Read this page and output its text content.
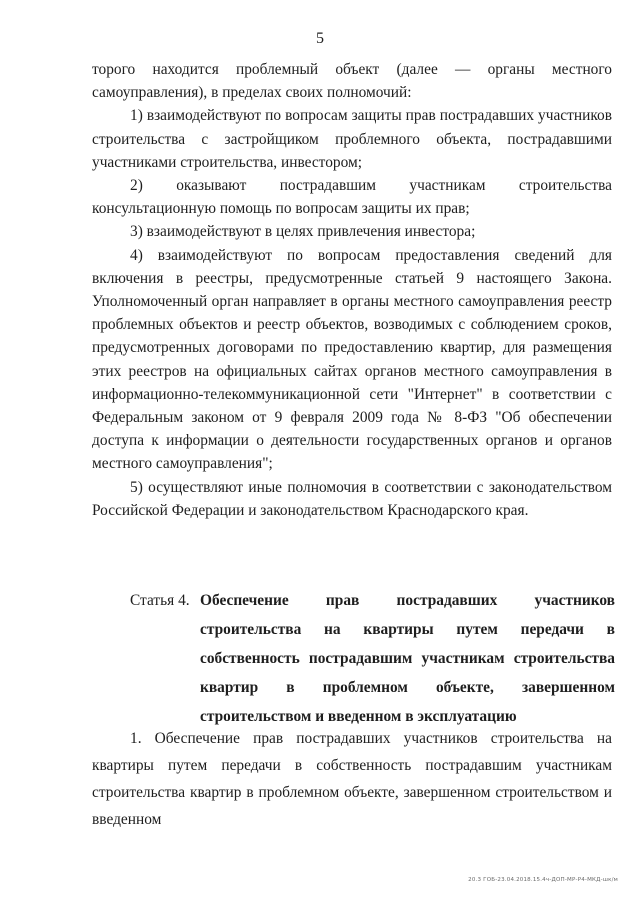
5

торого находится проблемный объект (далее — органы местного самоуправления), в пределах своих полномочий:

1) взаимодействуют по вопросам защиты прав пострадавших участников строительства с застройщиком проблемного объекта, пострадавшими участниками строительства, инвестором;

2) оказывают пострадавшим участникам строительства консультационную помощь по вопросам защиты их прав;

3) взаимодействуют в целях привлечения инвестора;

4) взаимодействуют по вопросам предоставления сведений для включения в реестры, предусмотренные статьей 9 настоящего Закона. Уполномоченный орган направляет в органы местного самоуправления реестр проблемных объектов и реестр объектов, возводимых с соблюдением сроков, предусмотренных договорами по предоставлению квартир, для размещения этих реестров на официальных сайтах органов местного самоуправления в информационно-телекоммуникационной сети "Интернет" в соответствии с Федеральным законом от 9 февраля 2009 года № 8-ФЗ "Об обеспечении доступа к информации о деятельности государственных органов и органов местного самоуправления";

5) осуществляют иные полномочия в соответствии с законодательством Российской Федерации и законодательством Краснодарского края.

Статья 4. Обеспечение прав пострадавших участников строительства на квартиры путем передачи в собственность пострадавшим участникам строительства квартир в проблемном объекте, завершенном строительством и введенном в эксплуатацию

1. Обеспечение прав пострадавших участников строительства на квартиры путем передачи в собственность пострадавшим участникам строительства квартир в проблемном объекте, завершенном строительством и введенном

20.3 ГОБ-23.04.2018.15.4ч-ДОП-МР-Р4-МКД-шк/м
